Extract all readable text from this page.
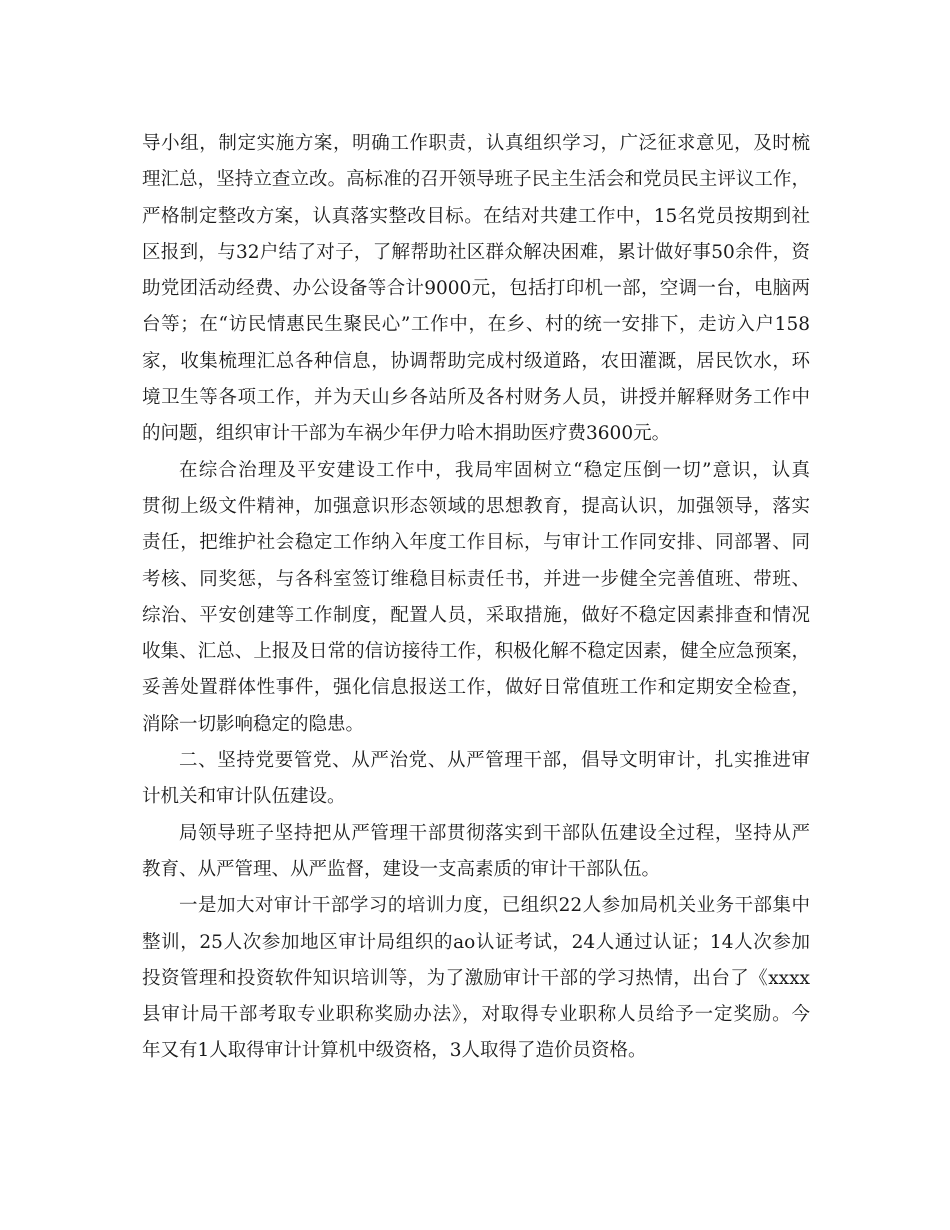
导小组，制定实施方案，明确工作职责，认真组织学习，广泛征求意见，及时梳
理汇总，坚持立查立改。高标准的召开领导班子民主生活会和党员民主评议工作，
严格制定整改方案，认真落实整改目标。在结对共建工作中，15名党员按期到社
区报到，与32户结了对子，了解帮助社区群众解决困难，累计做好事50余件，资
助党团活动经费、办公设备等合计9000元，包括打印机一部，空调一台，电脑两
台等；在“访民情惠民生聚民心”工作中，在乡、村的统一安排下，走访入户158
家，收集梳理汇总各种信息，协调帮助完成村级道路，农田灌溉，居民饮水，环
境卫生等各项工作，并为天山乡各站所及各村财务人员，讲授并解释财务工作中
的问题，组织审计干部为车祸少年伊力哈木捐助医疗费3600元。
在综合治理及平安建设工作中，我局牢固树立“稳定压倒一切”意识，认真
贯彻上级文件精神，加强意识形态领域的思想教育，提高认识，加强领导，落实
责任，把维护社会稳定工作纳入年度工作目标，与审计工作同安排、同部署、同
考核、同奖惩，与各科室签订维稳目标责任书，并进一步健全完善值班、带班、
综治、平安创建等工作制度，配置人员，采取措施，做好不稳定因素排查和情况
收集、汇总、上报及日常的信访接待工作，积极化解不稳定因素，健全应急预案，
妥善处置群体性事件，强化信息报送工作，做好日常值班工作和定期安全检查，
消除一切影响稳定的隐患。
二、坚持党要管党、从严治党、从严管理干部，倡导文明审计，扎实推进审
计机关和审计队伍建设。
局领导班子坚持把从严管理干部贯彻落实到干部队伍建设全过程，坚持从严
教育、从严管理、从严监督，建设一支高素质的审计干部队伍。
一是加大对审计干部学习的培训力度，已组织22人参加局机关业务干部集中
整训，25人次参加地区审计局组织的ao认证考试，24人通过认证；14人次参加
投资管理和投资软件知识培训等，为了激励审计干部的学习热情，出台了《xxxx
县审计局干部考取专业职称奖励办法》，对取得专业职称人员给予一定奖励。今
年又有1人取得审计计算机中级资格，3人取得了造价员资格。
